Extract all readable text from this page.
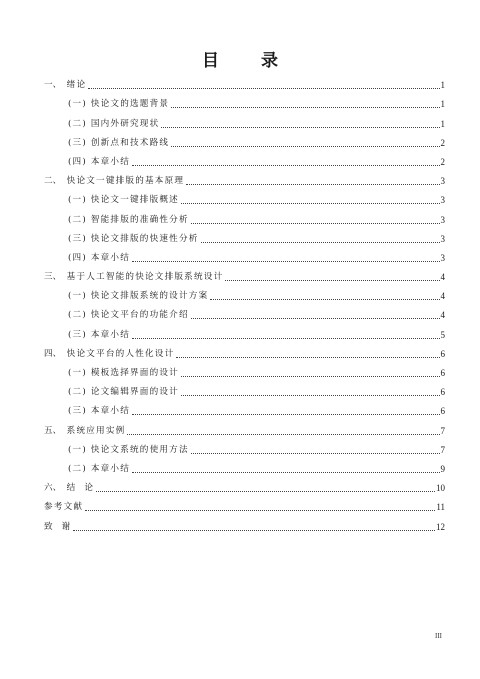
目 录
一、 绪论	1
(一) 快论文的选题背景	1
(二) 国内外研究现状	1
(三) 创新点和技术路线	2
(四) 本章小结	2
二、 快论文一键排版的基本原理	3
(一) 快论文一键排版概述	3
(二) 智能排版的准确性分析	3
(三) 快论文排版的快速性分析	3
(四) 本章小结	3
三、 基于人工智能的快论文排版系统设计	4
(一) 快论文排版系统的设计方案	4
(二) 快论文平台的功能介绍	4
(三) 本章小结	5
四、 快论文平台的人性化设计	6
(一) 模板选择界面的设计	6
(二) 论文编辑界面的设计	6
(三) 本章小结	6
五、 系统应用实例	7
(一) 快论文系统的使用方法	7
(二) 本章小结	9
六、 结  论	10
参考文献	11
致  谢	12
III
